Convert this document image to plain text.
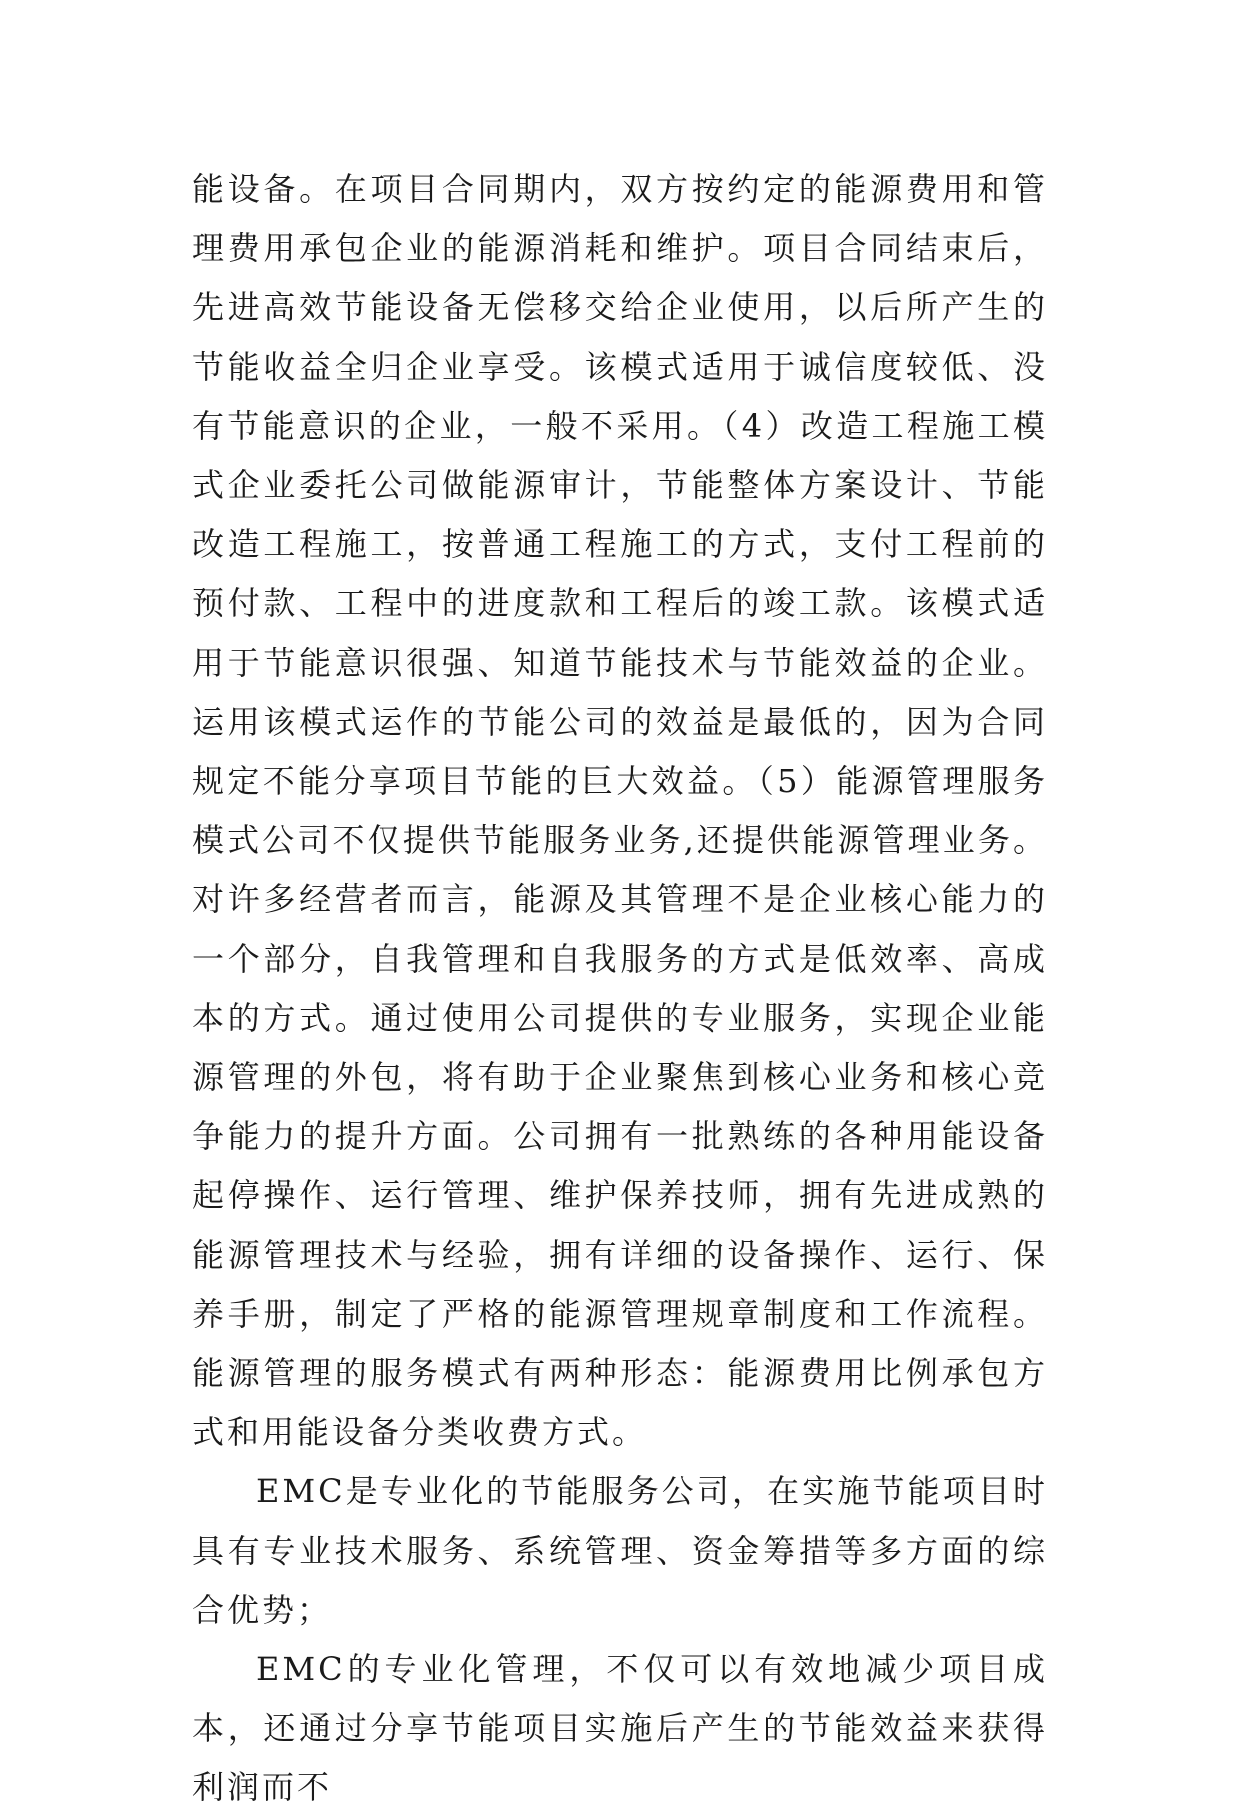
能设备。在项目合同期内，双方按约定的能源费用和管理费用承包企业的能源消耗和维护。项目合同结束后，先进高效节能设备无偿移交给企业使用，以后所产生的节能收益全归企业享受。该模式适用于诚信度较低、没有节能意识的企业，一般不采用。（4）改造工程施工模式企业委托公司做能源审计，节能整体方案设计、节能改造工程施工，按普通工程施工的方式，支付工程前的预付款、工程中的进度款和工程后的竣工款。该模式适用于节能意识很强、知道节能技术与节能效益的企业。运用该模式运作的节能公司的效益是最低的，因为合同规定不能分享项目节能的巨大效益。（5）能源管理服务模式公司不仅提供节能服务业务,还提供能源管理业务。对许多经营者而言，能源及其管理不是企业核心能力的一个部分，自我管理和自我服务的方式是低效率、高成本的方式。通过使用公司提供的专业服务，实现企业能源管理的外包，将有助于企业聚焦到核心业务和核心竞争能力的提升方面。公司拥有一批熟练的各种用能设备起停操作、运行管理、维护保养技师，拥有先进成熟的能源管理技术与经验，拥有详细的设备操作、运行、保养手册，制定了严格的能源管理规章制度和工作流程。能源管理的服务模式有两种形态：能源费用比例承包方式和用能设备分类收费方式。

EMC是专业化的节能服务公司，在实施节能项目时具有专业技术服务、系统管理、资金筹措等多方面的综合优势；

EMC的专业化管理，不仅可以有效地减少项目成本，还通过分享节能项目实施后产生的节能效益来获得利润而不
